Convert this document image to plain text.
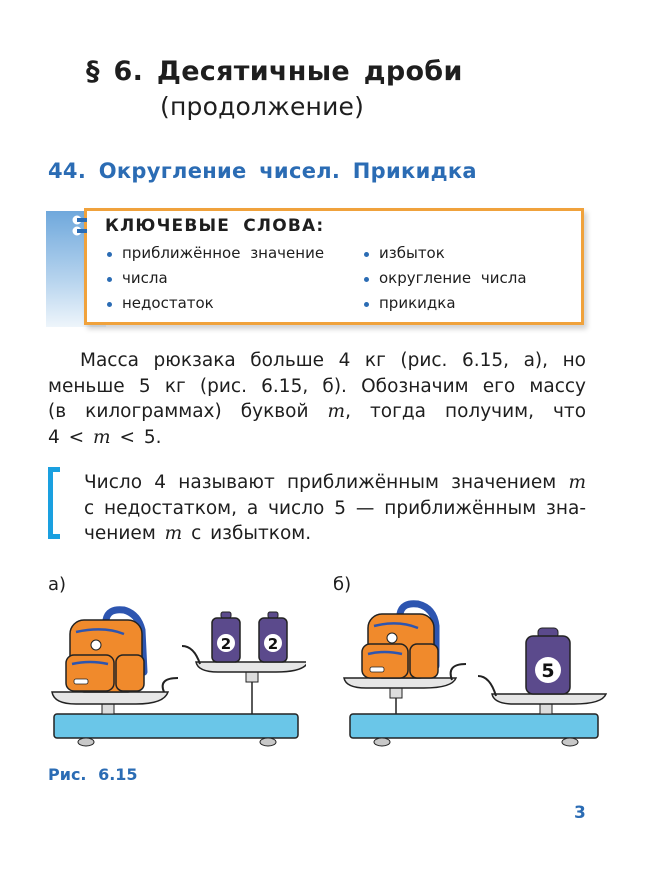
§ 6. Десятичные дроби
(продолжение)
44. Округление чисел. Прикидка
КЛЮЧЕВЫЕ СЛОВА:
приближённое значение
числа
недостаток
избыток
округление числа
прикидка
Масса рюкзака больше 4 кг (рис. 6.15, а), но
меньше 5 кг (рис. 6.15, б). Обозначим его массу
(в килограммах) буквой m, тогда получим, что
4 < m < 5.
Число 4 называют приближённым значением m
с недостатком, а число 5 — приближённым зна-
чением m с избытком.
а)	б)
2 2
5
Рис. 6.15
3
